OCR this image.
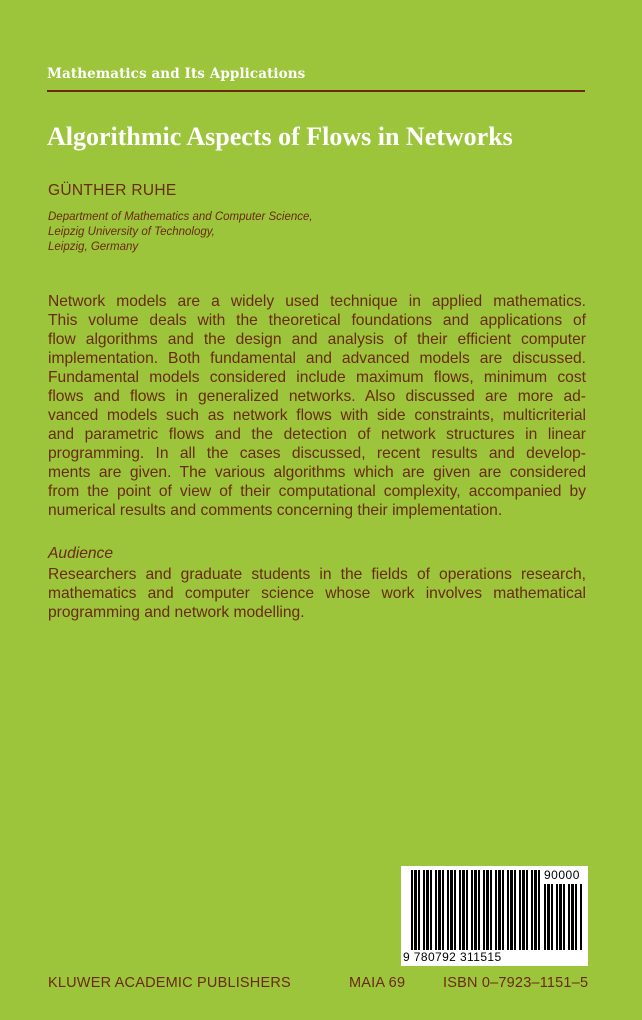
Mathematics and Its Applications
Algorithmic Aspects of Flows in Networks
GÜNTHER RUHE
Department of Mathematics and Computer Science,
Leipzig University of Technology,
Leipzig, Germany
Network models are a widely used technique in applied mathematics.
This volume deals with the theoretical foundations and applications of
flow algorithms and the design and analysis of their efficient computer
implementation. Both fundamental and advanced models are discussed.
Fundamental models considered include maximum flows, minimum cost
flows and flows in generalized networks. Also discussed are more ad-
vanced models such as network flows with side constraints, multicriterial
and parametric flows and the detection of network structures in linear
programming. In all the cases discussed, recent results and develop-
ments are given. The various algorithms which are given are considered
from the point of view of their computational complexity, accompanied by
numerical results and comments concerning their implementation.
Audience
Researchers and graduate students in the fields of operations research,
mathematics and computer science whose work involves mathematical
programming and network modelling.
90000
9 780792 311515
KLUWER ACADEMIC PUBLISHERS	MAIA 69	ISBN 0–7923–1151–5
